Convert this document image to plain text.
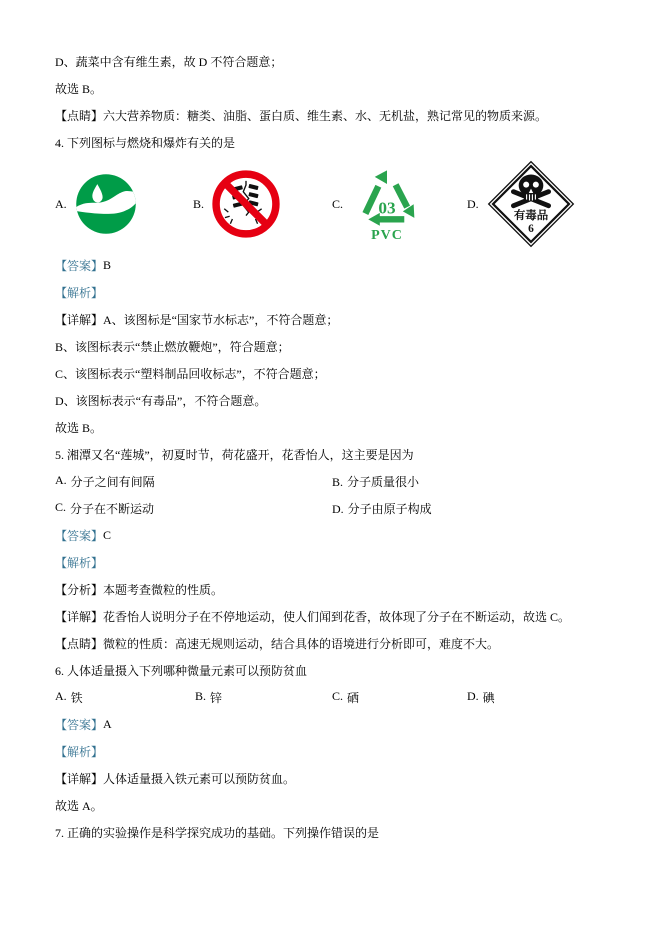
D、蔬菜中含有维生素，故 D 不符合题意；
故选 B。
【点睛】 六大营养物质：糖类、油脂、蛋白质、维生素、水、无机盐，熟记常见的物质来源。
4. 下列图标与燃烧和爆炸有关的是
A.	B.	C. 03
PVC
D.
有毒品
6
【答案】 B
【解析】
【详解】 A、该图标是“国家节水标志”，不符合题意；
B、该图标表示“禁止燃放鞭炮”，符合题意；
C、该图标表示“塑料制品回收标志”，不符合题意；
D、该图标表示“有毒品”，不符合题意。
故选 B。
5. 湘潭又名“莲城”，初夏时节，荷花盛开，花香怡人，这主要是因为
A. 分子之间有间隔	B. 分子质量很小
C. 分子在不断运动	D. 分子由原子构成
【答案】 C
【解析】
【分析】 本题考查微粒的性质。
【详解】 花香怡人说明分子在不停地运动，使人们闻到花香，故体现了分子在不断运动，故选 C。
【点睛】 微粒的性质：高速无规则运动，结合具体的语境进行分析即可，难度不大。
6. 人体适量摄入下列哪种微量元素可以预防贫血
A. 铁	B. 锌	C. 硒	D. 碘
【答案】 A
【解析】
【详解】 人体适量摄入铁元素可以预防贫血。
故选 A。
7. 正确的实验操作是科学探究成功的基础。下列操作错误的是
